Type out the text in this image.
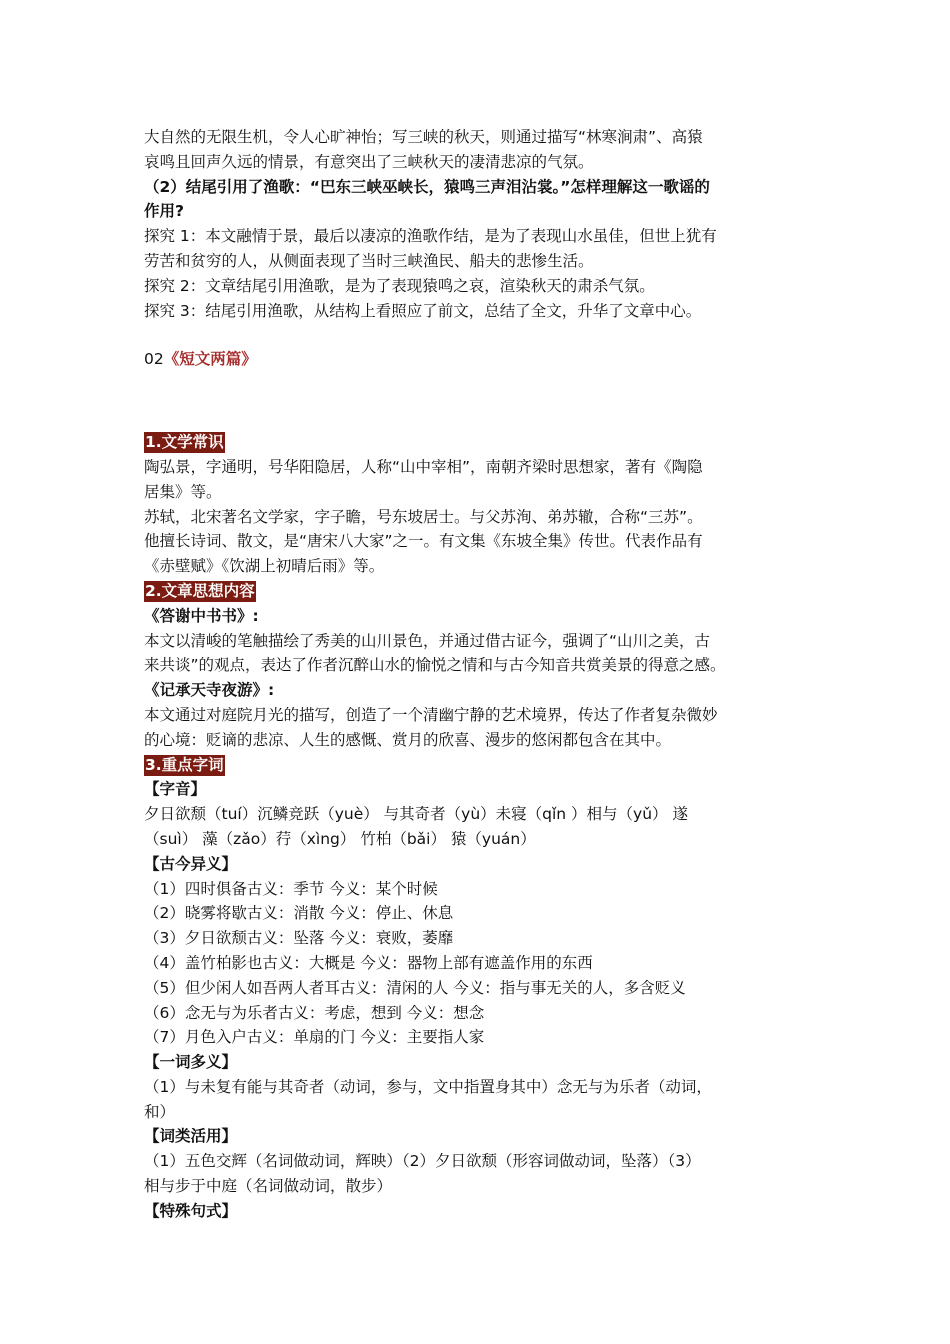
大自然的无限生机，令人心旷神怡；写三峡的秋天，则通过描写“林寒涧肃”、高猿
哀鸣且回声久远的情景，有意突出了三峡秋天的凄清悲凉的气氛。
（2）结尾引用了渔歌：“巴东三峡巫峡长，猿鸣三声泪沾裳。”怎样理解这一歌谣的
作用?
探究 1：本文融情于景，最后以凄凉的渔歌作结，是为了表现山水虽佳，但世上犹有
劳苦和贫穷的人，从侧面表现了当时三峡渔民、船夫的悲惨生活。
探究 2：文章结尾引用渔歌，是为了表现猿鸣之哀，渲染秋天的肃杀气氛。
探究 3：结尾引用渔歌，从结构上看照应了前文，总结了全文，升华了文章中心。
02《短文两篇》
1.文学常识
陶弘景，字通明，号华阳隐居，人称“山中宰相”，南朝齐梁时思想家，著有《陶隐
居集》等。
苏轼，北宋著名文学家，字子瞻，号东坡居士。与父苏洵、弟苏辙，合称“三苏”。
他擅长诗词、散文，是“唐宋八大家”之一。有文集《东坡全集》传世。代表作品有
《赤壁赋》《饮湖上初晴后雨》等。
2.文章思想内容
《答谢中书书》:
本文以清峻的笔触描绘了秀美的山川景色，并通过借古证今，强调了“山川之美，古
来共谈”的观点，表达了作者沉醉山水的愉悦之情和与古今知音共赏美景的得意之感。
《记承天寺夜游》:
本文通过对庭院月光的描写，创造了一个清幽宁静的艺术境界，传达了作者复杂微妙
的心境：贬谪的悲凉、人生的感慨、赏月的欣喜、漫步的悠闲都包含在其中。
3.重点字词
【字音】
夕日欲颓（tuí）沉鳞竞跃（yuè） 与其奇者（yù）未寝（qǐn ）相与（yǔ） 遂
（suì） 藻（zǎo）荇（xìng） 竹柏（bǎi） 猿（yuán）
【古今异义】
（1）四时俱备古义：季节 今义：某个时候
（2）晓雾将歇古义：消散 今义：停止、休息
（3）夕日欲颓古义：坠落 今义：衰败，萎靡
（4）盖竹柏影也古义：大概是 今义：器物上部有遮盖作用的东西
（5）但少闲人如吾两人者耳古义：清闲的人 今义：指与事无关的人，多含贬义
（6）念无与为乐者古义：考虑，想到 今义：想念
（7）月色入户古义：单扇的门 今义：主要指人家
【一词多义】
（1）与未复有能与其奇者（动词，参与，文中指置身其中）念无与为乐者（动词，
和）
【词类活用】
（1）五色交辉（名词做动词，辉映）（2）夕日欲颓（形容词做动词，坠落）（3）
相与步于中庭（名词做动词，散步）
【特殊句式】
